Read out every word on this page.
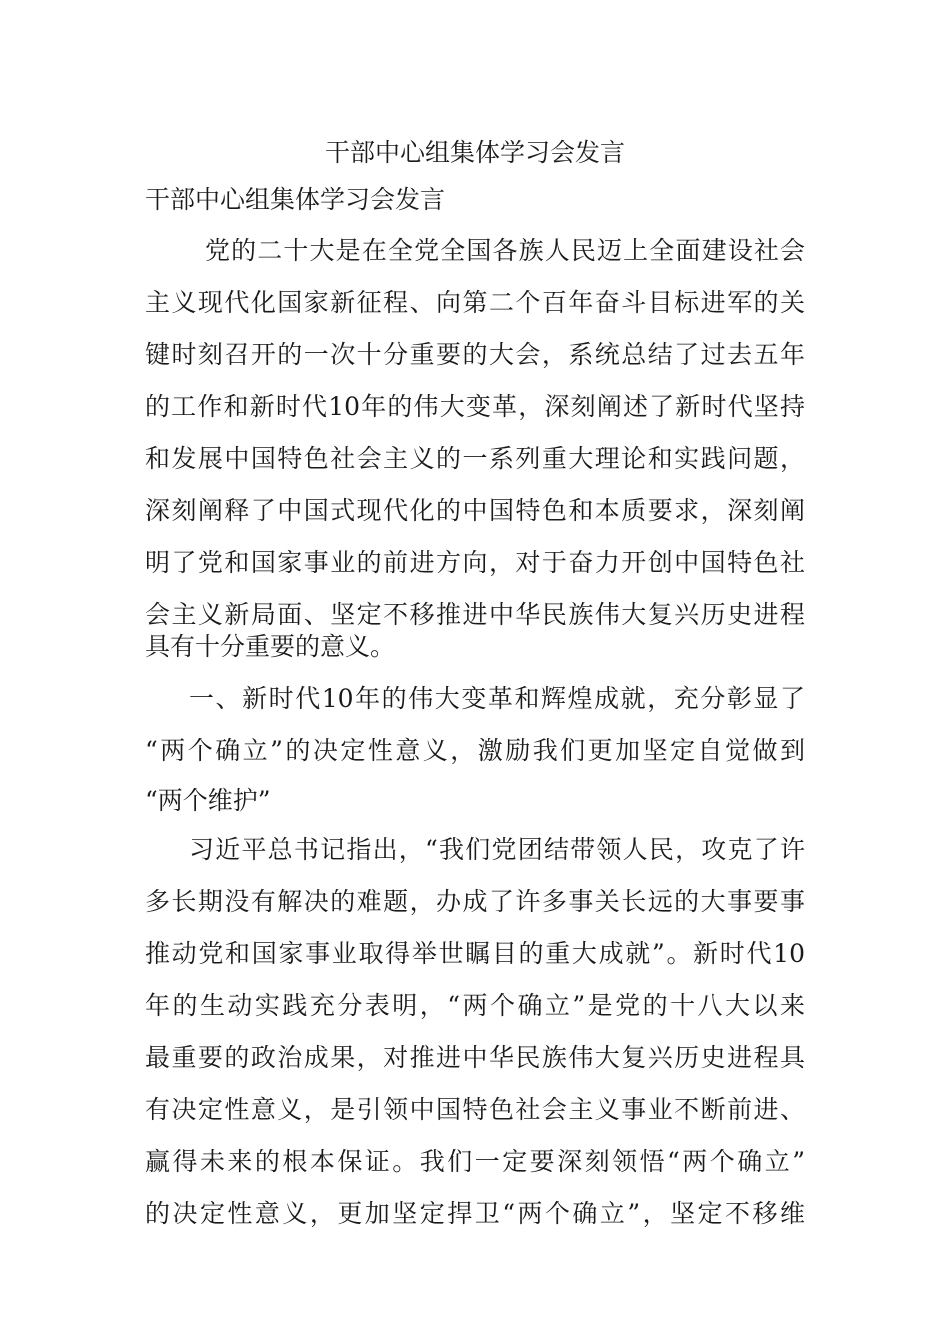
干部中心组集体学习会发言
干部中心组集体学习会发言
党的二十大是在全党全国各族人民迈上全面建设社会
主义现代化国家新征程、向第二个百年奋斗目标进军的关
键时刻召开的一次十分重要的大会，系统总结了过去五年
的工作和新时代10年的伟大变革，深刻阐述了新时代坚持
和发展中国特色社会主义的一系列重大理论和实践问题，
深刻阐释了中国式现代化的中国特色和本质要求，深刻阐
明了党和国家事业的前进方向，对于奋力开创中国特色社
会主义新局面、坚定不移推进中华民族伟大复兴历史进程
具有十分重要的意义。
一、新时代10年的伟大变革和辉煌成就，充分彰显了
“两个确立”的决定性意义，激励我们更加坚定自觉做到
“两个维护”
习近平总书记指出，“我们党团结带领人民，攻克了许
多长期没有解决的难题，办成了许多事关长远的大事要事
推动党和国家事业取得举世瞩目的重大成就”。新时代10
年的生动实践充分表明，“两个确立”是党的十八大以来
最重要的政治成果，对推进中华民族伟大复兴历史进程具
有决定性意义，是引领中国特色社会主义事业不断前进、
赢得未来的根本保证。我们一定要深刻领悟“两个确立”
的决定性意义，更加坚定捍卫“两个确立”，坚定不移维
